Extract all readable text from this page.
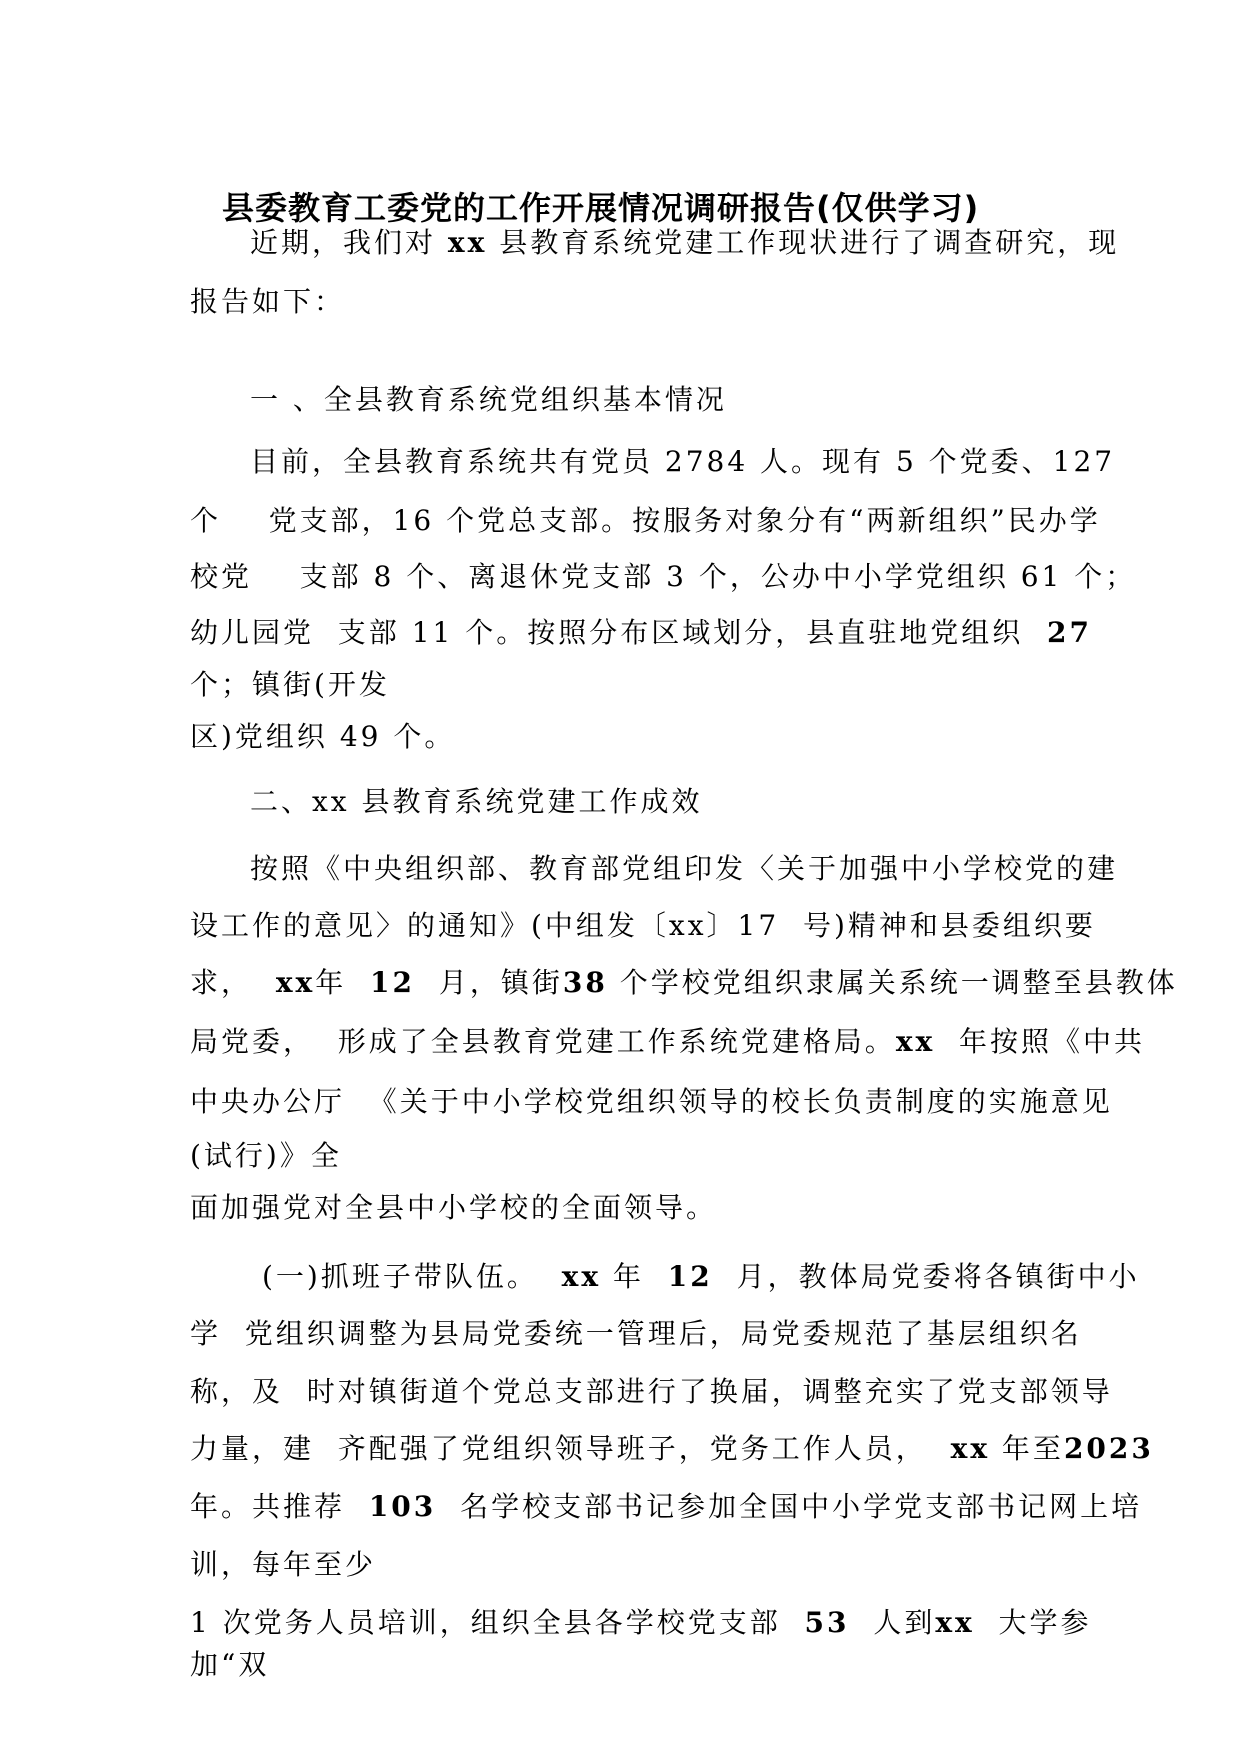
县委教育工委党的工作开展情况调研报告(仅供学习)
近期，我们对 xx 县教育系统党建工作现状进行了调查研究，现
报告如下：
一 、全县教育系统党组织基本情况
目前，全县教育系统共有党员 2784 人。现有 5 个党委、127
个    党支部，16 个党总支部。按服务对象分有“两新组织”民办学
校党    支部 8 个、离退休党支部 3 个，公办中小学党组织 61 个；
幼儿园党  支部 11 个。按照分布区域划分，县直驻地党组织 27
个；镇街(开发
区)党组织 49 个。
二、xx 县教育系统党建工作成效
按照《中央组织部、教育部党组印发〈关于加强中小学校党的建
设工作的意见〉的通知》(中组发〔xx〕17  号)精神和县委组织要
求， xx年 12 月，镇街38 个学校党组织隶属关系统一调整至县教体
局党委，  形成了全县教育党建工作系统党建格局。xx 年按照《中共
中央办公厅  《关于中小学校党组织领导的校长负责制度的实施意见
(试行)》全
面加强党对全县中小学校的全面领导。
(一)抓班子带队伍。 xx 年 12 月，教体局党委将各镇街中小
学  党组织调整为县局党委统一管理后，局党委规范了基层组织名
称，及  时对镇街道个党总支部进行了换届，调整充实了党支部领导
力量，建  齐配强了党组织领导班子，党务工作人员， xx 年至2023
年。共推荐 103 名学校支部书记参加全国中小学党支部书记网上培
训，每年至少
1 次党务人员培训，组织全县各学校党支部 53 人到xx 大学参
加“双
